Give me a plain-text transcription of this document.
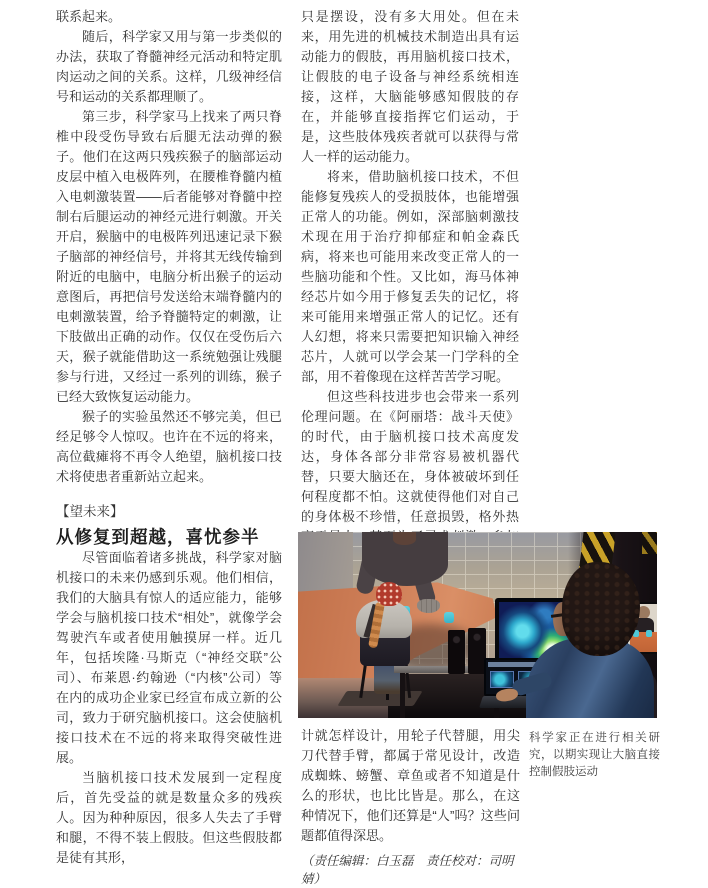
联系起来。

随后，科学家又用与第一步类似的办法，获取了脊髓神经元活动和特定肌肉运动之间的关系。这样，几级神经信号和运动的关系都理顺了。

第三步，科学家马上找来了两只脊椎中段受伤导致右后腿无法动弹的猴子。他们在这两只残疾猴子的脑部运动皮层中植入电极阵列，在腰椎脊髓内植入电刺激装置——后者能够对脊髓中控制右后腿运动的神经元进行刺激。开关开启，猴脑中的电极阵列迅速记录下猴子脑部的神经信号，并将其无线传输到附近的电脑中，电脑分析出猴子的运动意图后，再把信号发送给末端脊髓内的电刺激装置，给予脊髓特定的刺激，让下肢做出正确的动作。仅仅在受伤后六天，猴子就能借助这一系统勉强让残腿参与行进，又经过一系列的训练，猴子已经大致恢复运动能力。

猴子的实验虽然还不够完美，但已经足够令人惊叹。也许在不远的将来，高位截瘫将不再令人绝望，脑机接口技术将使患者重新站立起来。

【望未来】
从修复到超越，喜忧参半

尽管面临着诸多挑战，科学家对脑机接口的未来仍感到乐观。他们相信，我们的大脑具有惊人的适应能力，能够学会与脑机接口技术“相处”，就像学会驾驶汽车或者使用触摸屏一样。近几年，包括埃隆·马斯克（“神经交联”公司）、布莱恩·约翰逊（“内核”公司）等在内的成功企业家已经宣布成立新的公司，致力于研究脑机接口。这会使脑机接口技术在不远的将来取得突破性进展。

当脑机接口技术发展到一定程度后，首先受益的就是数量众多的残疾人。因为种种原因，很多人失去了手臂和腿，不得不装上假肢。但这些假肢都是徒有其形，

只是摆设，没有多大用处。但在未来，用先进的机械技术制造出具有运动能力的假肢，再用脑机接口技术，让假肢的电子设备与神经系统相连接，这样，大脑能够感知假肢的存在，并能够直接指挥它们运动，于是，这些肢体残疾者就可以获得与常人一样的运动能力。

将来，借助脑机接口技术，不但能修复残疾人的受损肢体，也能增强正常人的功能。例如，深部脑刺激技术现在用于治疗抑郁症和帕金森氏病，将来也可能用来改变正常人的一些脑功能和个性。又比如，海马体神经芯片如今用于修复丢失的记忆，将来可能用来增强正常人的记忆。还有人幻想，将来只需要把知识输入神经芯片，人就可以学会某一门学科的全部，用不着像现在这样苦苦学习呢。

但这些科技进步也会带来一系列伦理问题。在《阿丽塔：战斗天使》的时代，由于脑机接口技术高度发达，身体各部分非常容易被机器代替，只要大脑还在，身体被破坏到任何程度都不怕。这就使得他们对自己的身体极不珍惜，任意损毁，格外热

科学家正在进行相关研究，以期实现让大脑直接控制假肢运动

计就怎样设计，用轮子代替腿，用尖刀代替手臂，都属于常见设计，改造成蜘蛛、螃蟹、章鱼或者不知道是什么的形状，也比比皆是。那么，在这种情况下，他们还算是“人”吗？这些问题都值得深思。

（责任编辑：白玉磊　责任校对：司明婧）
